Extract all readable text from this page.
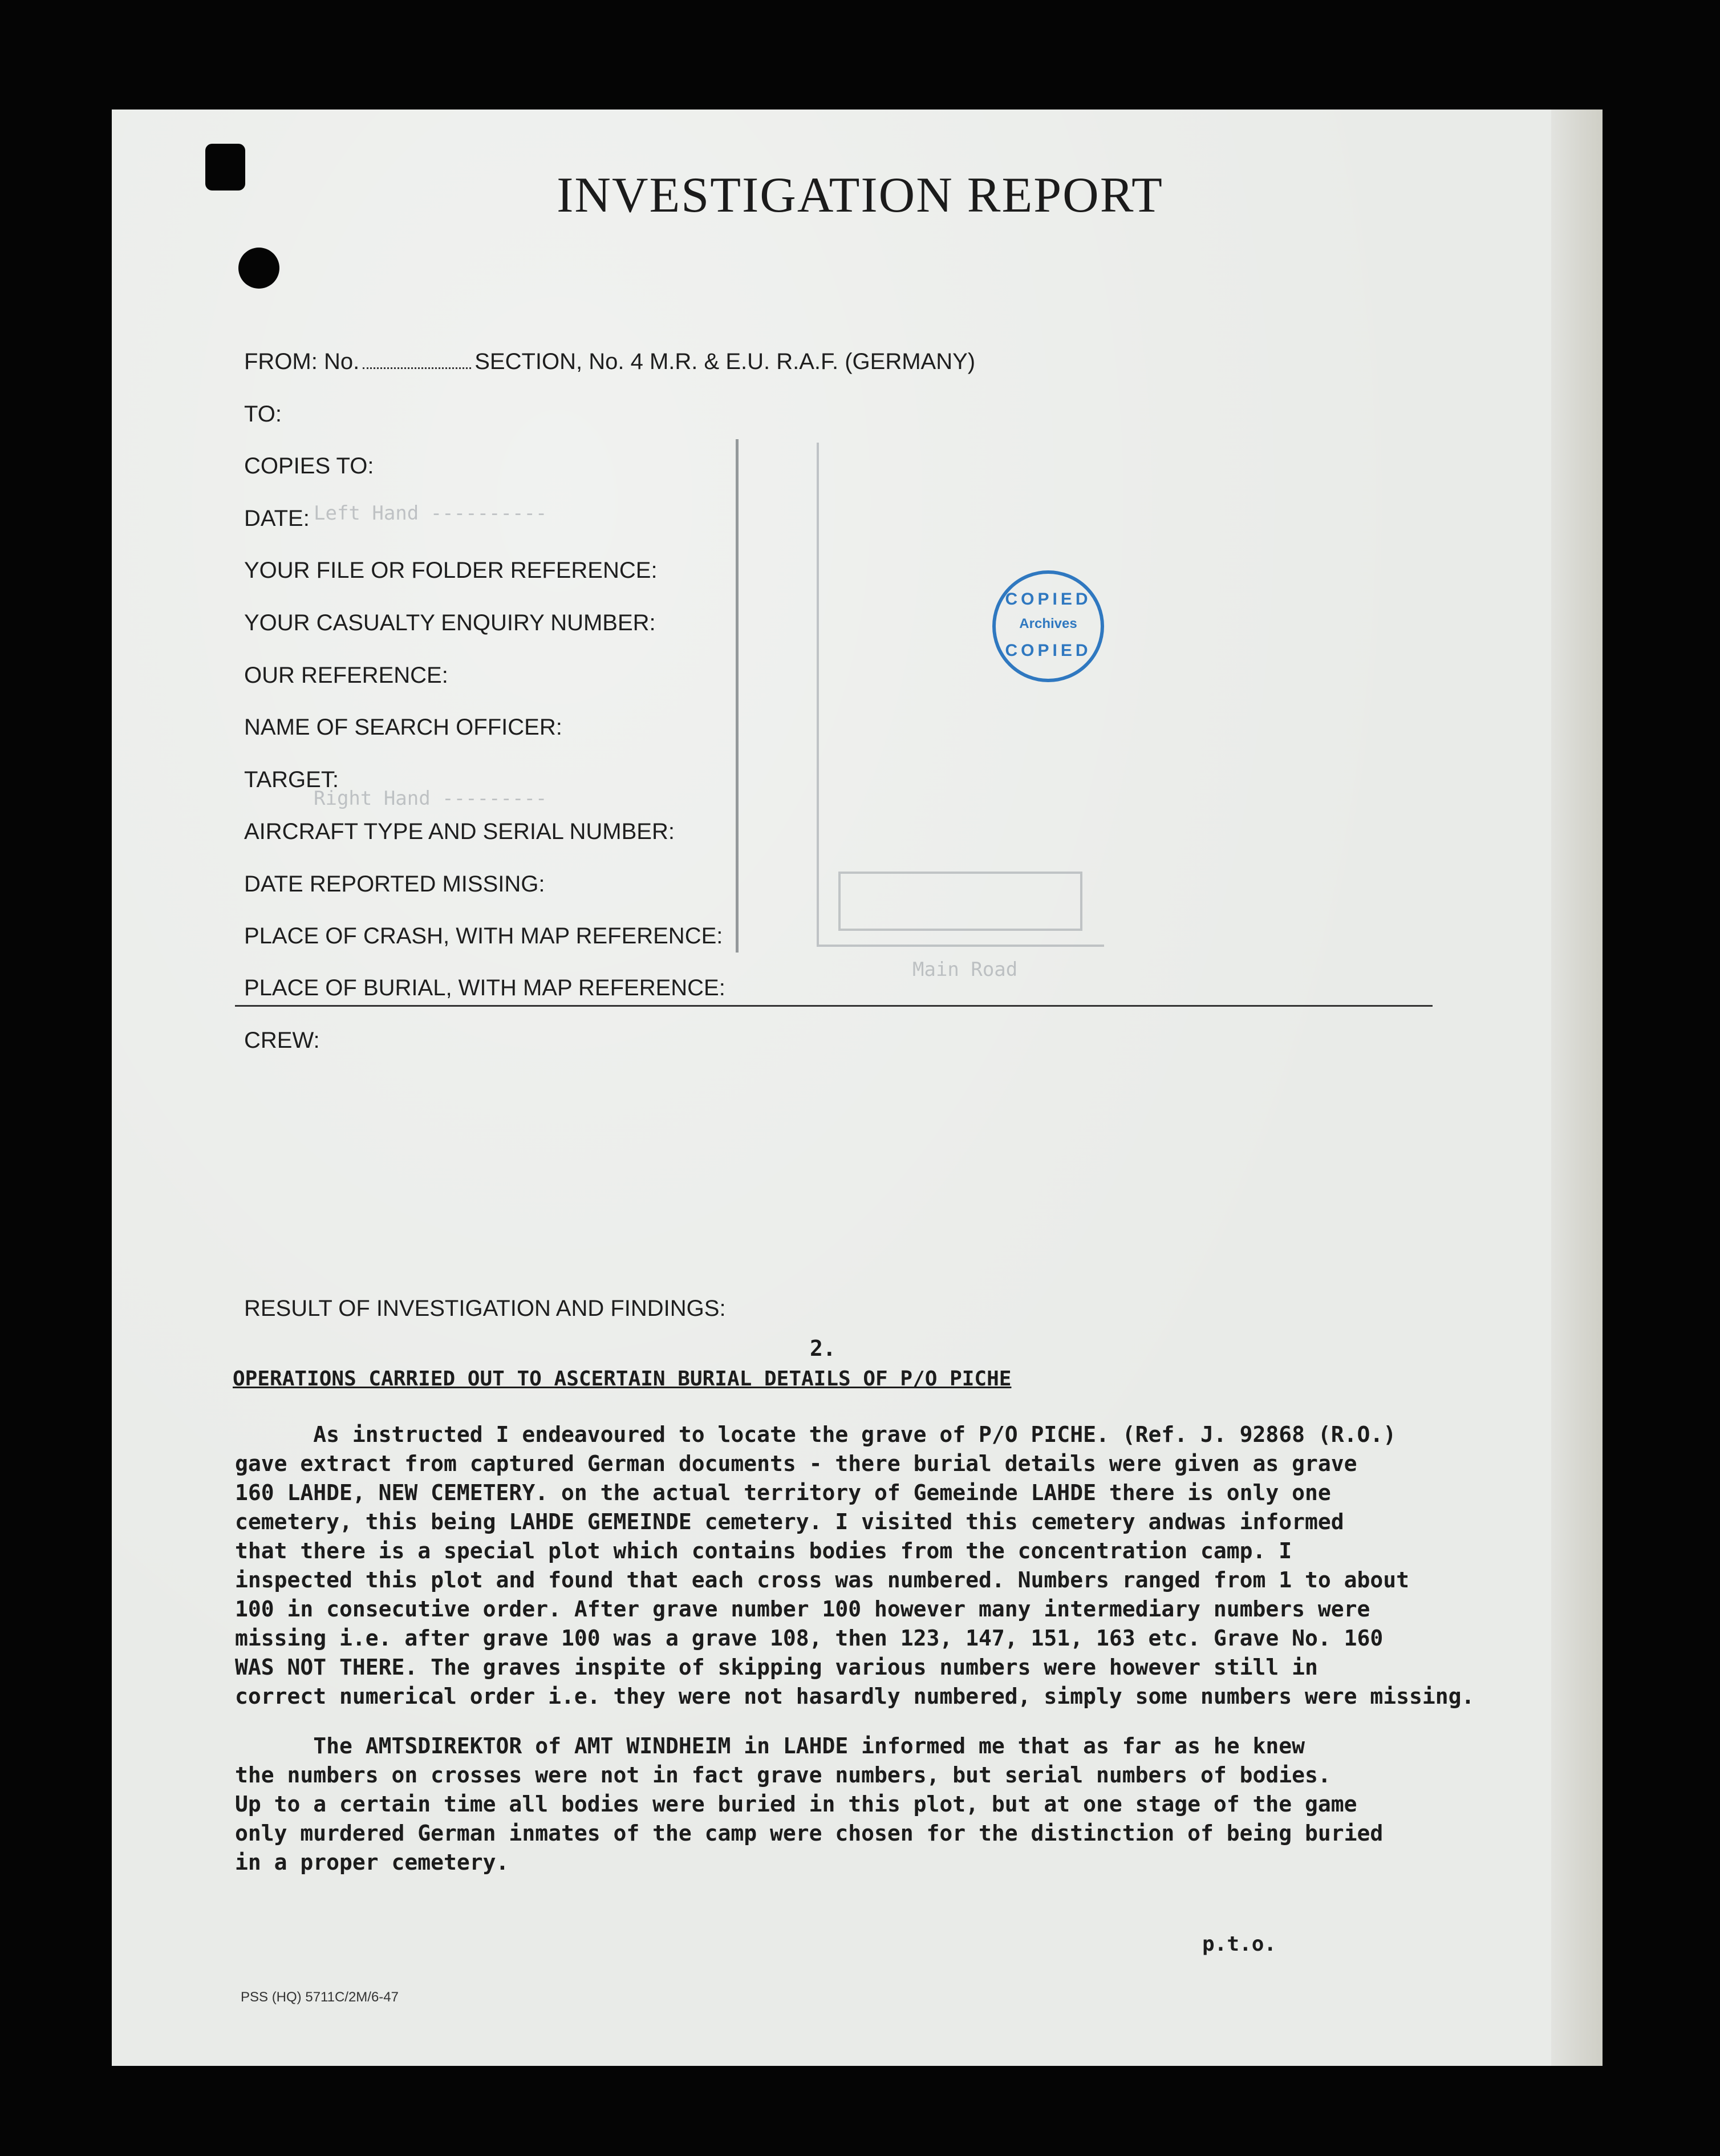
INVESTIGATION REPORT
FROM: No.	SECTION, No. 4 M.R. & E.U. R.A.F. (GERMANY)
TO:
COPIES TO:
DATE:
YOUR FILE OR FOLDER REFERENCE:
YOUR CASUALTY ENQUIRY NUMBER:
OUR REFERENCE:
NAME OF SEARCH OFFICER:
TARGET:
AIRCRAFT TYPE AND SERIAL NUMBER:
DATE REPORTED MISSING:
PLACE OF CRASH, WITH MAP REFERENCE:
PLACE OF BURIAL, WITH MAP REFERENCE:
CREW:
Left Hand ----------
Right Hand ---------
Main Road
COPIED
Archives
COPIED
RESULT OF INVESTIGATION AND FINDINGS:
2.
OPERATIONS CARRIED OUT TO ASCERTAIN BURIAL DETAILS OF P/O PICHE
As instructed I endeavoured to locate the grave of P/O PICHE. (Ref. J. 92868 (R.O.)
gave extract from captured German documents - there burial details were given as grave
160 LAHDE, NEW CEMETERY. on the actual territory of Gemeinde LAHDE there is only one
cemetery, this being LAHDE GEMEINDE cemetery. I visited this cemetery andwas informed
that there is a special plot which contains bodies from the concentration camp. I
inspected this plot and found that each cross was numbered. Numbers ranged from 1 to about
100 in consecutive order. After grave number 100 however many intermediary numbers were
missing i.e. after grave 100 was a grave 108, then 123, 147, 151, 163 etc. Grave No. 160
WAS NOT THERE. The graves inspite of skipping various numbers were however still in
correct numerical order i.e. they were not hasardly numbered, simply some numbers were missing.
The AMTSDIREKTOR of AMT WINDHEIM in LAHDE informed me that as far as he knew
the numbers on crosses were not in fact grave numbers, but serial numbers of bodies.
Up to a certain time all bodies were buried in this plot, but at one stage of the game
only murdered German inmates of the camp were chosen for the distinction of being buried
in a proper cemetery.
p.t.o.
PSS (HQ) 5711C/2M/6-47
